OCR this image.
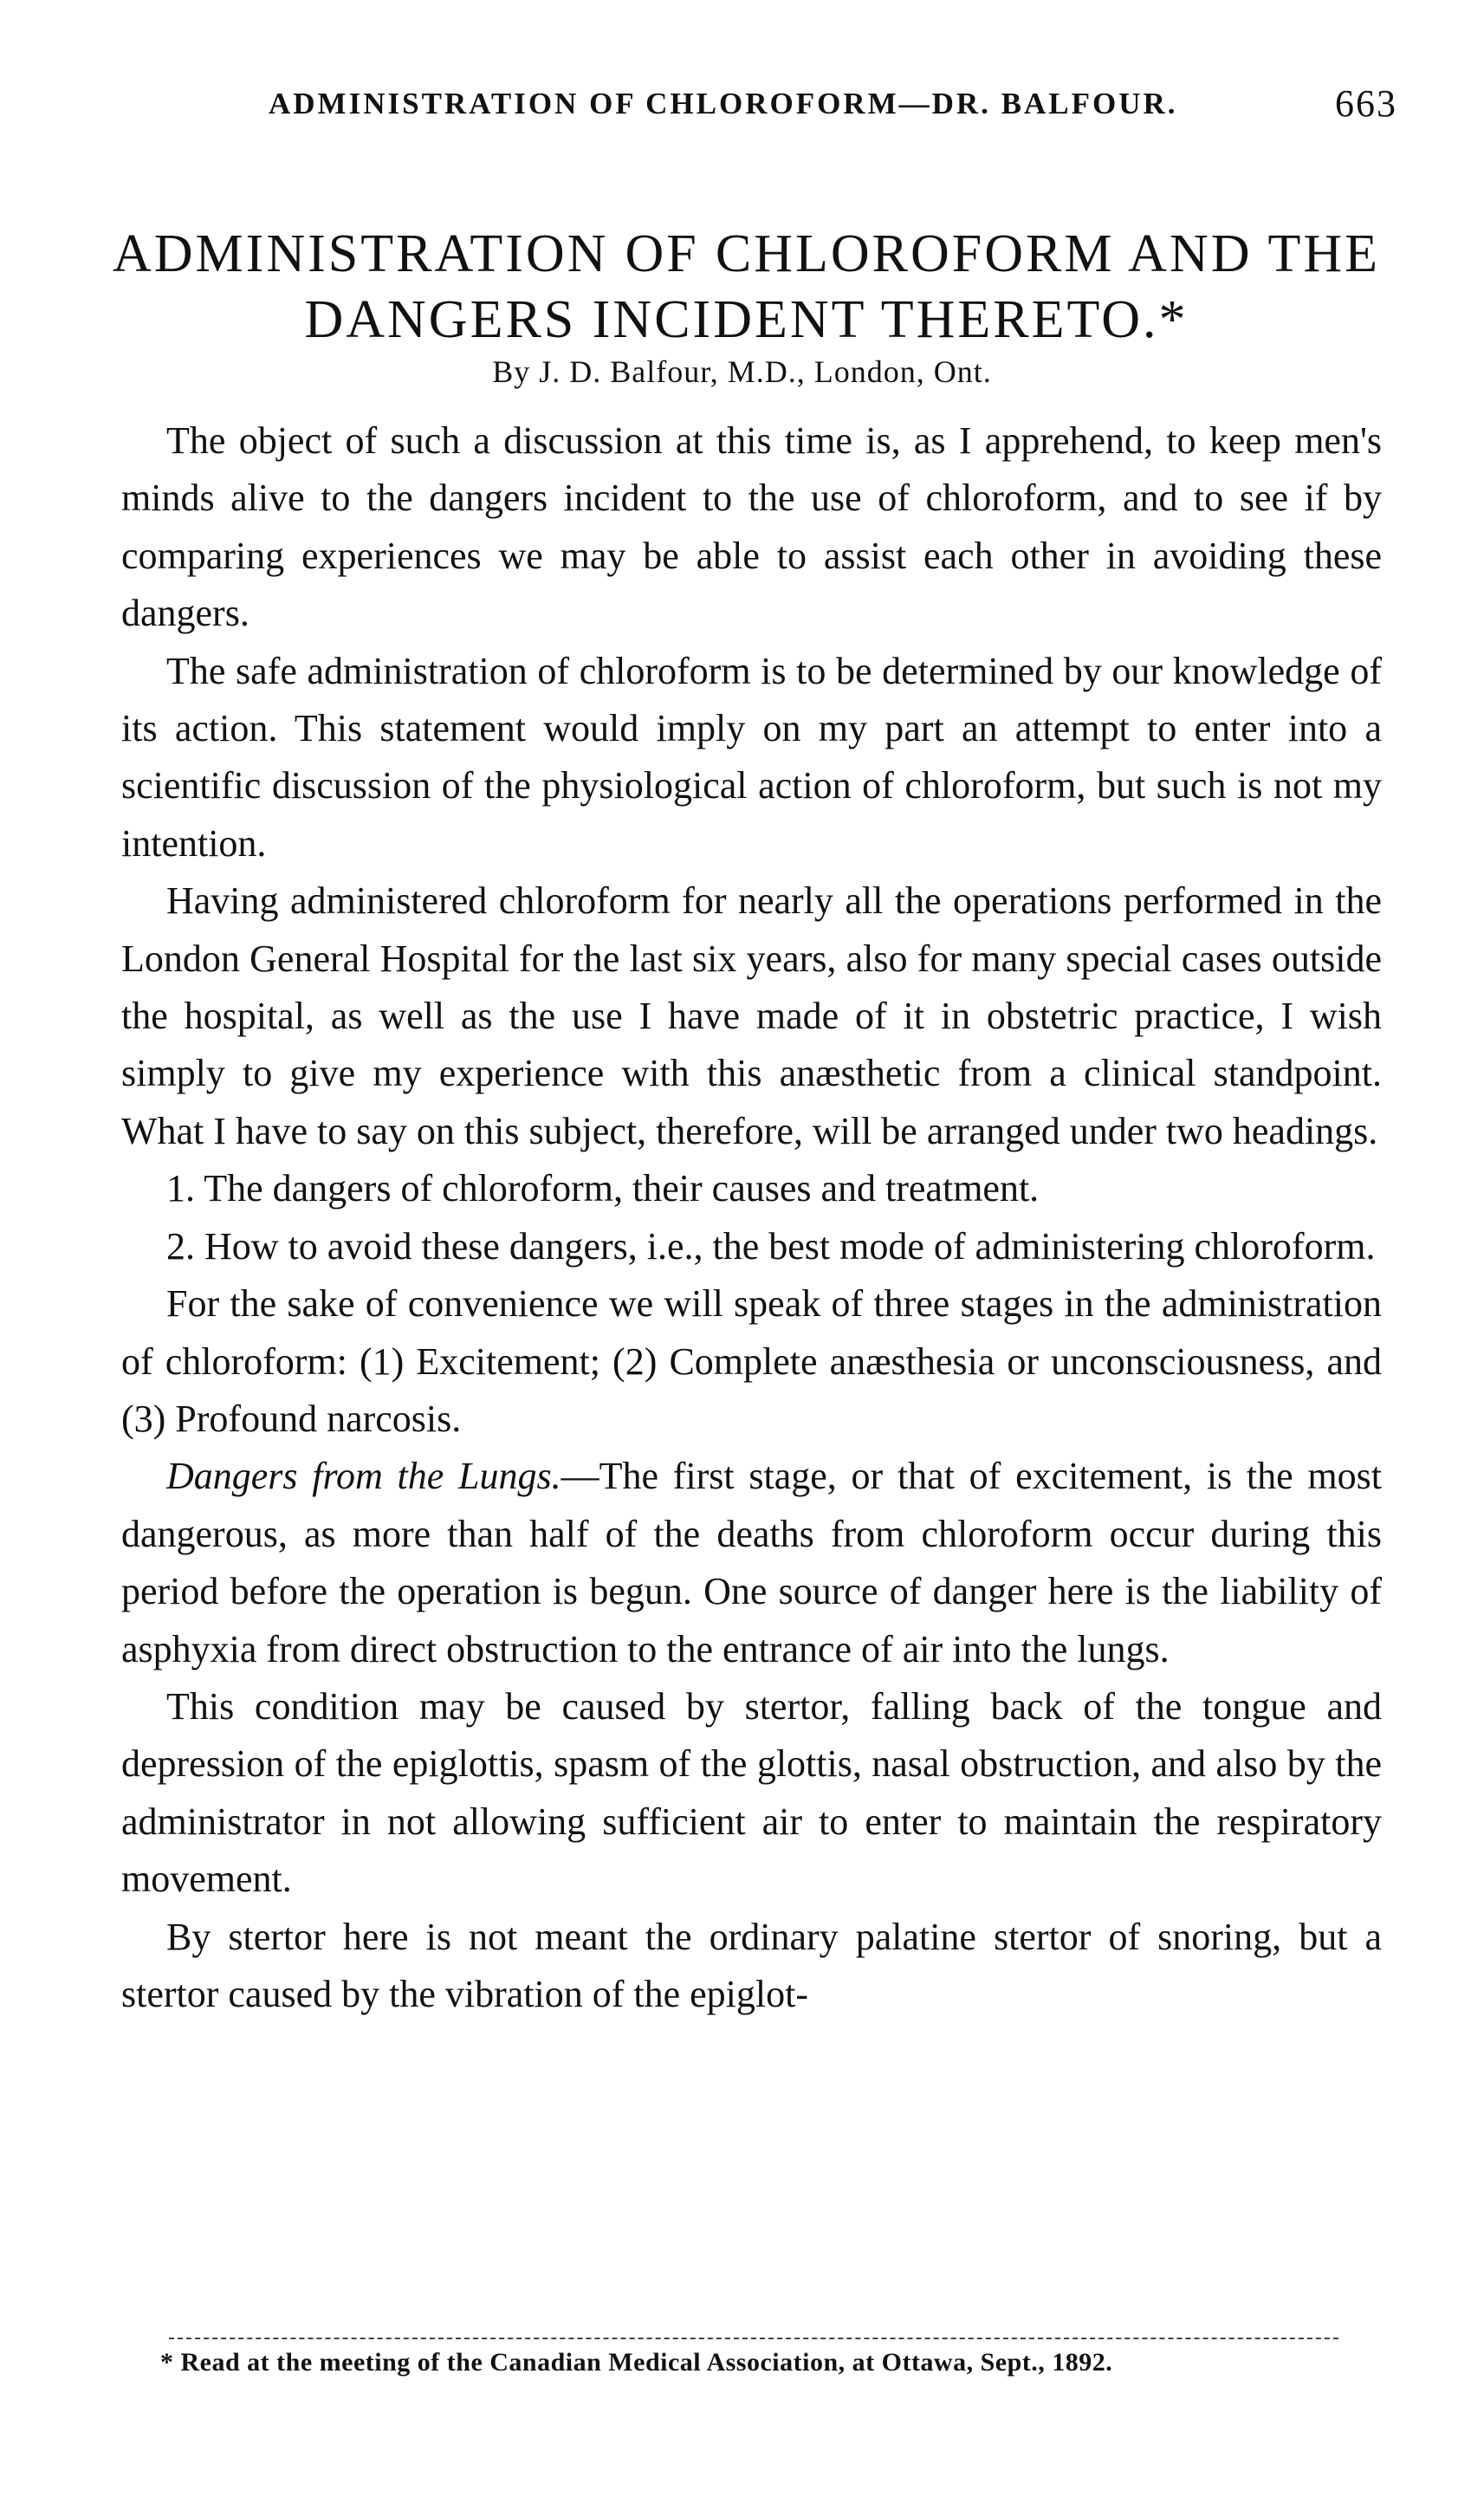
ADMINISTRATION OF CHLOROFORM—DR. BALFOUR.	663
ADMINISTRATION OF CHLOROFORM AND THE
DANGERS INCIDENT THERETO.*
By J. D. Balfour, M.D., London, Ont.

The object of such a discussion at this time is, as I apprehend, to keep men's minds alive to the dangers incident to the use of chloroform, and to see if by comparing experiences we may be able to assist each other in avoiding these dangers.

The safe administration of chloroform is to be determined by our knowledge of its action. This statement would imply on my part an attempt to enter into a scientific discussion of the physiological action of chloroform, but such is not my intention.

Having administered chloroform for nearly all the operations performed in the London General Hospital for the last six years, also for many special cases outside the hospital, as well as the use I have made of it in obstetric practice, I wish simply to give my experience with this anæsthetic from a clinical standpoint. What I have to say on this subject, therefore, will be arranged under two headings.

1. The dangers of chloroform, their causes and treatment.

2. How to avoid these dangers, i.e., the best mode of administering chloroform.

For the sake of convenience we will speak of three stages in the administration of chloroform: (1) Excitement; (2) Complete anæsthesia or unconsciousness, and (3) Profound narcosis.

Dangers from the Lungs.—The first stage, or that of excitement, is the most dangerous, as more than half of the deaths from chloroform occur during this period before the operation is begun. One source of danger here is the liability of asphyxia from direct obstruction to the entrance of air into the lungs.

This condition may be caused by stertor, falling back of the tongue and depression of the epiglottis, spasm of the glottis, nasal obstruction, and also by the administrator in not allowing sufficient air to enter to maintain the respiratory movement.

By stertor here is not meant the ordinary palatine stertor of snoring, but a stertor caused by the vibration of the epiglot-

* Read at the meeting of the Canadian Medical Association, at Ottawa, Sept., 1892.
